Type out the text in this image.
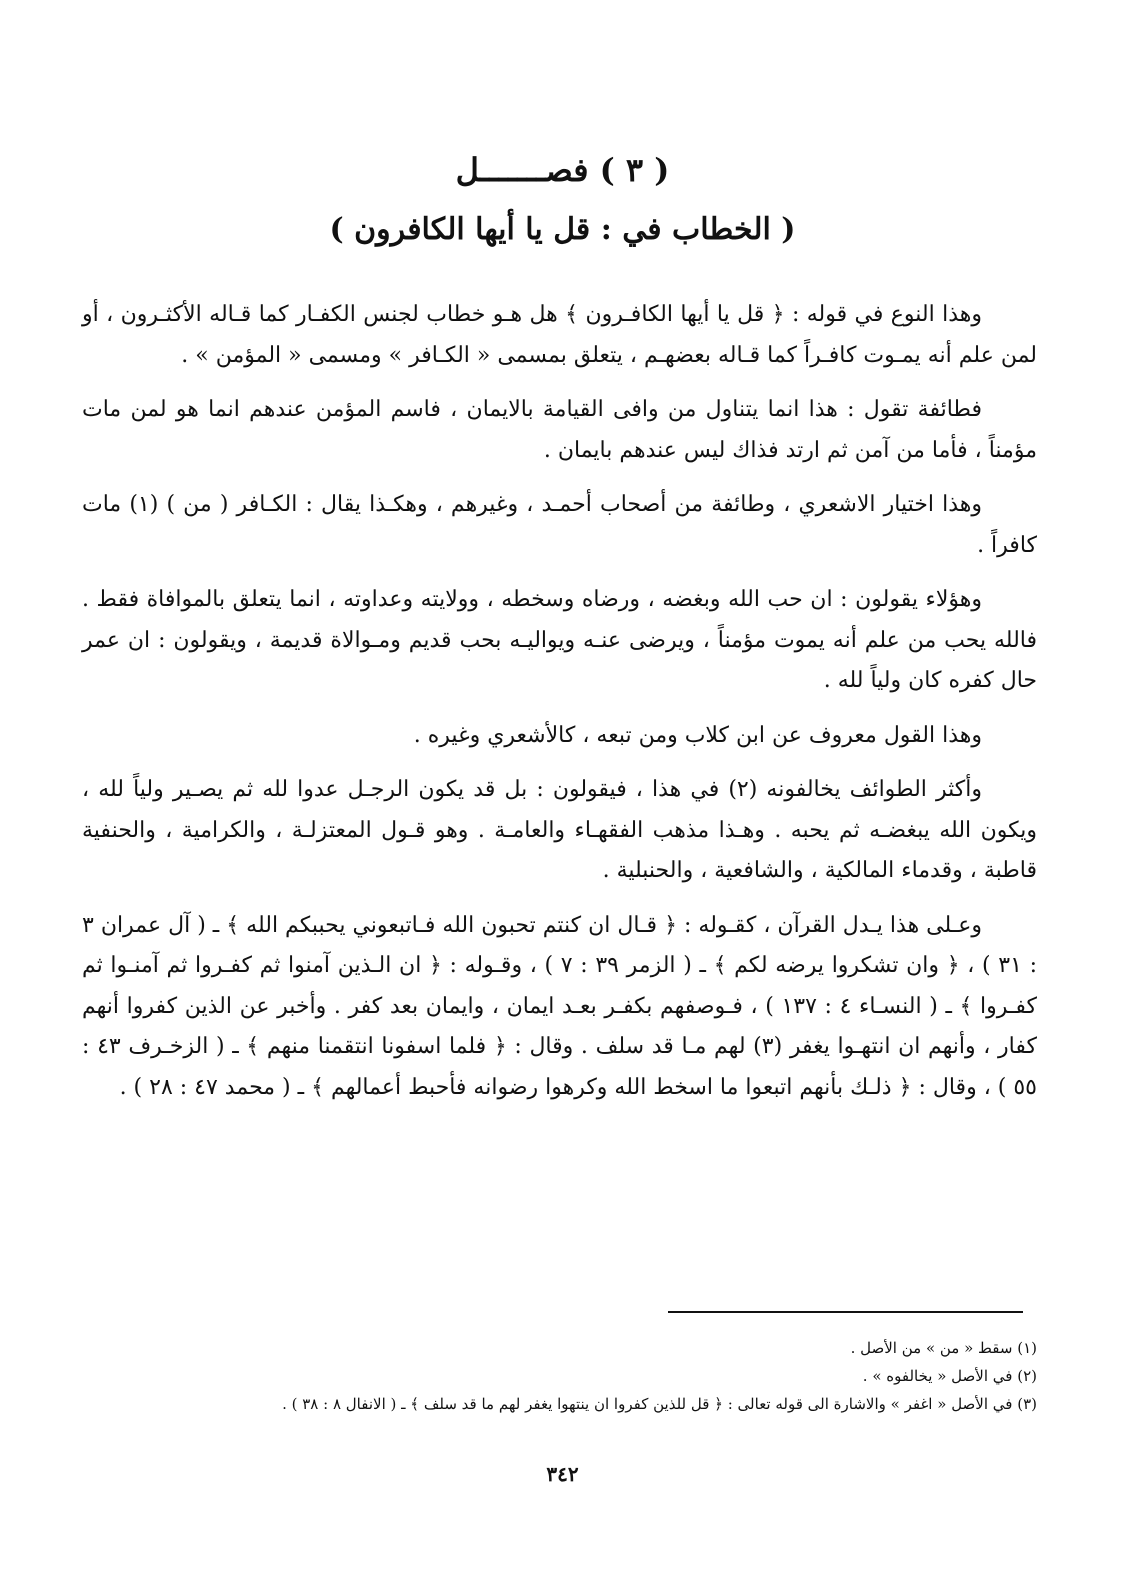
( ٣ ) فصـــــــل
( الخطاب في : قل يا أيها الكافرون )

وهذا النوع في قوله : ﴿ قل يا أيها الكافـرون ﴾ هل هـو خطاب لجنس الكفـار كما قـاله الأكثـرون ، أو لمن علم أنه يمـوت كافـراً كما قـاله بعضهـم ، يتعلق بمسمى « الكـافر » ومسمى « المؤمن » .

فطائفة تقول : هذا انما يتناول من وافى القيامة بالايمان ، فاسم المؤمن عندهم انما هو لمن مات مؤمناً ، فأما من آمن ثم ارتد فذاك ليس عندهم بايمان .

وهذا اختيار الاشعري ، وطائفة من أصحاب أحمـد ، وغيرهم ، وهكـذا يقال : الكـافر ( من ) (١) مات كافراً .

وهؤلاء يقولون : ان حب الله وبغضه ، ورضاه وسخطه ، وولايته وعداوته ، انما يتعلق بالموافاة فقط . فالله يحب من علم أنه يموت مؤمناً ، ويرضى عنـه ويواليـه بحب قديم ومـوالاة قديمة ، ويقولون : ان عمر حال كفره كان ولياً لله .

وهذا القول معروف عن ابن كلاب ومن تبعه ، كالأشعري وغيره .

وأكثر الطوائف يخالفونه (٢) في هذا ، فيقولون : بل قد يكون الرجـل عدوا لله ثم يصـير ولياً لله ، ويكون الله يبغضـه ثم يحبه . وهـذا مذهب الفقهـاء والعامـة . وهو قـول المعتزلـة ، والكرامية ، والحنفية قاطبة ، وقدماء المالكية ، والشافعية ، والحنبلية .

وعـلى هذا يـدل القرآن ، كقـوله : ﴿ قـال ان كنتم تحبون الله فـاتبعوني يحببكم الله ﴾ ـ ( آل عمران ٣ : ٣١ ) ، ﴿ وان تشكروا يرضه لكم ﴾ ـ ( الزمر ٣٩ : ٧ ) ، وقـوله : ﴿ ان الـذين آمنوا ثم كفـروا ثم آمنـوا ثم كفـروا ﴾ ـ ( النسـاء ٤ : ١٣٧ ) ، فـوصفهم بكفـر بعـد ايمان ، وايمان بعد كفر . وأخبر عن الذين كفروا أنهم كفار ، وأنهم ان انتهـوا يغفر (٣) لهم مـا قد سلف . وقال : ﴿ فلما اسفونا انتقمنا منهم ﴾ ـ ( الزخـرف ٤٣ : ٥٥ ) ، وقال : ﴿ ذلـك بأنهم اتبعوا ما اسخط الله وكرهوا رضوانه فأحبط أعمالهم ﴾ ـ ( محمد ٤٧ : ٢٨ ) .

(١) سقط « من » من الأصل .

(٢) في الأصل « يخالفوه » .

(٣) في الأصل « اغفر » والاشارة الى قوله تعالى : ﴿ قل للذين كفروا ان ينتهوا يغفر لهم ما قد سلف ﴾ ـ ( الانفال ٨ : ٣٨ ) .

٣٤٢
